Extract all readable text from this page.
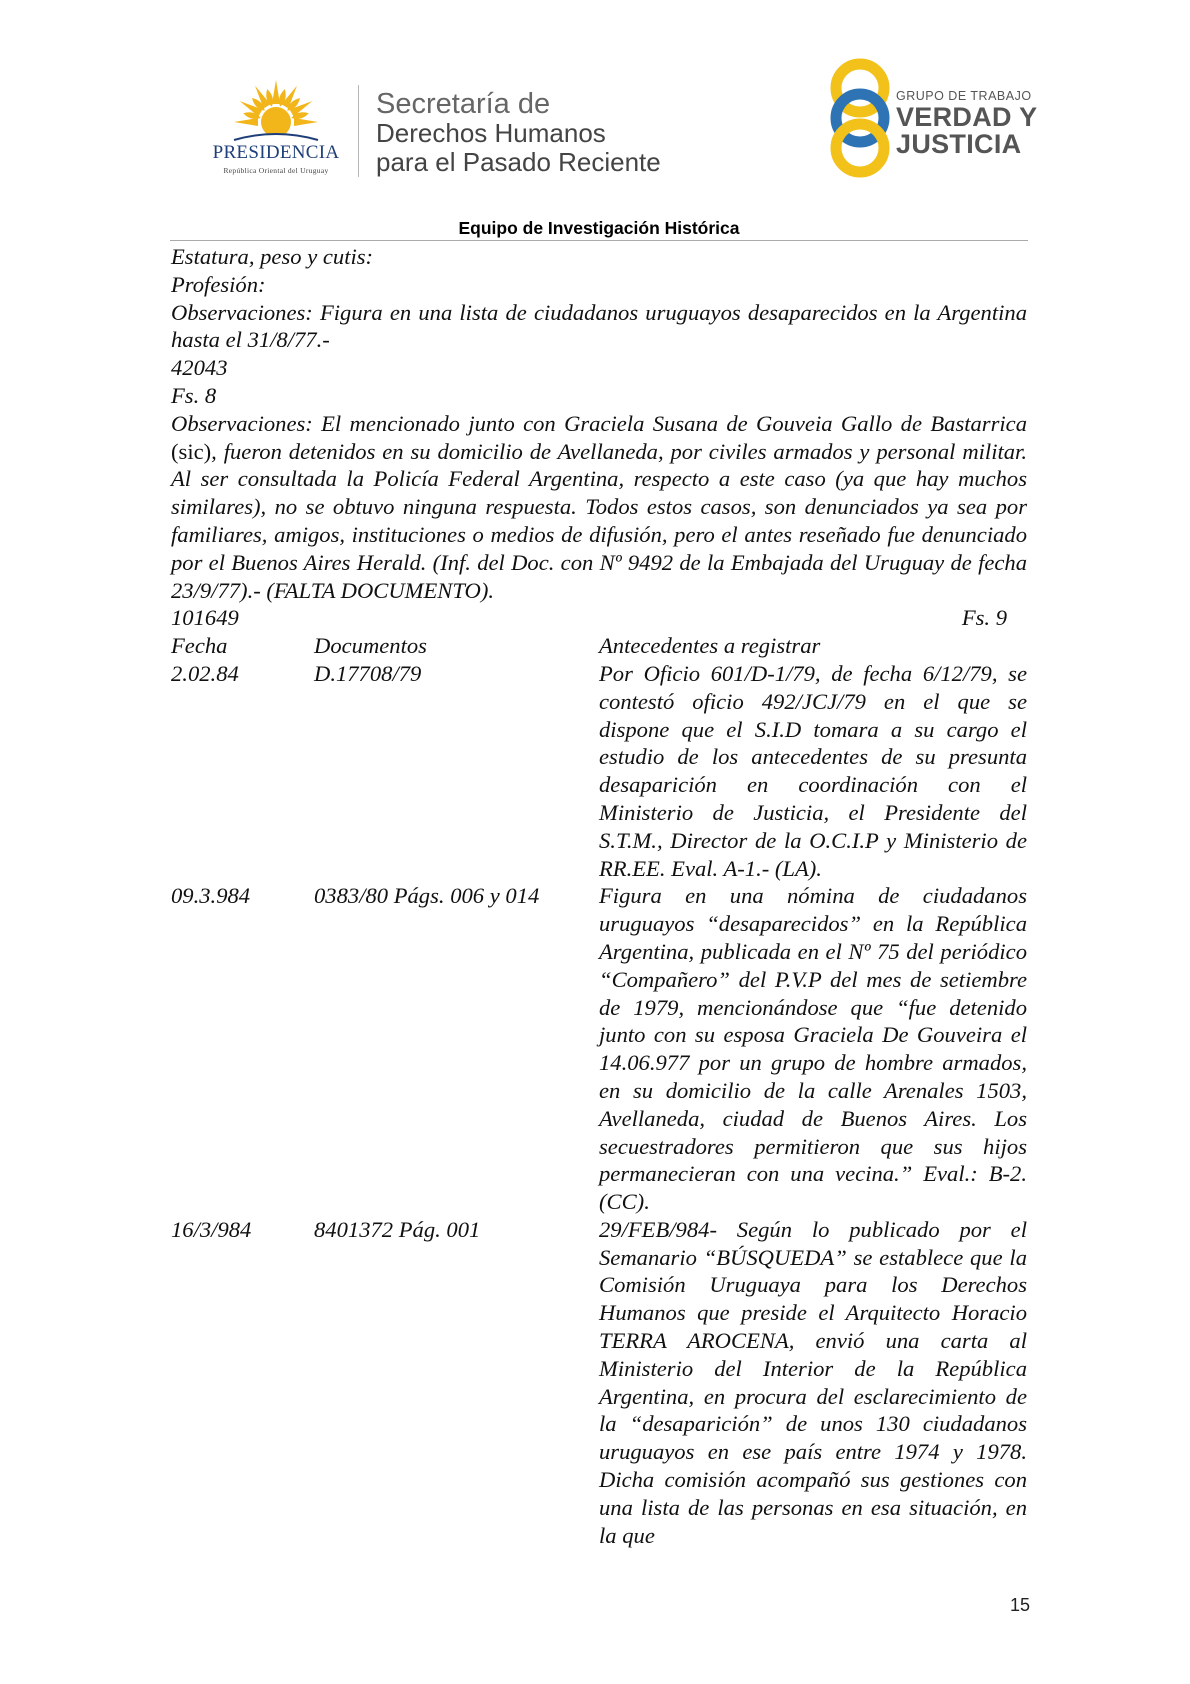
PRESIDENCIA
República Oriental del Uruguay
Secretaría de
Derechos Humanos
para el Pasado Reciente
GRUPO DE TRABAJO
VERDAD Y
JUSTICIA
Equipo de Investigación Histórica
Estatura, peso y cutis:
Profesión:
Observaciones: Figura en una lista de ciudadanos uruguayos desaparecidos en la Argentina hasta el 31/8/77.-
42043
Fs. 8
Observaciones: El mencionado junto con Graciela Susana de Gouveia Gallo de Bastarrica (sic), fueron detenidos en su domicilio de Avellaneda, por civiles armados y personal militar. Al ser consultada la Policía Federal Argentina, respecto a este caso (ya que hay muchos similares), no se obtuvo ninguna respuesta. Todos estos casos, son denunciados ya sea por familiares, amigos, instituciones o medios de difusión, pero el antes reseñado fue denunciado por el Buenos Aires Herald. (Inf. del Doc. con Nº 9492 de la Embajada del Uruguay de fecha 23/9/77).- (FALTA DOCUMENTO).
101649	Fs. 9
Fecha	Documentos	Antecedentes a registrar
2.02.84	D.17708/79	Por Oficio 601/D-1/79, de fecha 6/12/79, se contestó oficio 492/JCJ/79 en el que se dispone que el S.I.D tomara a su cargo el estudio de los antecedentes de su presunta desaparición en coordinación con el Ministerio de Justicia, el Presidente del S.T.M., Director de la O.C.I.P y Ministerio de RR.EE. Eval. A-1.- (LA).
09.3.984	0383/80 Págs. 006 y 014	Figura en una nómina de ciudadanos uruguayos “desaparecidos” en la República Argentina, publicada en el Nº 75 del periódico “Compañero” del P.V.P del mes de setiembre de 1979, mencionándose que “fue detenido junto con su esposa Graciela De Gouveira el 14.06.977 por un grupo de hombre armados, en su domicilio de la calle Arenales 1503, Avellaneda, ciudad de Buenos Aires. Los secuestradores permitieron que sus hijos permanecieran con una vecina.” Eval.: B-2. (CC).
16/3/984	8401372 Pág. 001	29/FEB/984- Según lo publicado por el Semanario “BÚSQUEDA” se establece que la Comisión Uruguaya para los Derechos Humanos que preside el Arquitecto Horacio TERRA AROCENA, envió una carta al Ministerio del Interior de la República Argentina, en procura del esclarecimiento de la “desaparición” de unos 130 ciudadanos uruguayos en ese país entre 1974 y 1978. Dicha comisión acompañó sus gestiones con una lista de las personas en esa situación, en la que
15
